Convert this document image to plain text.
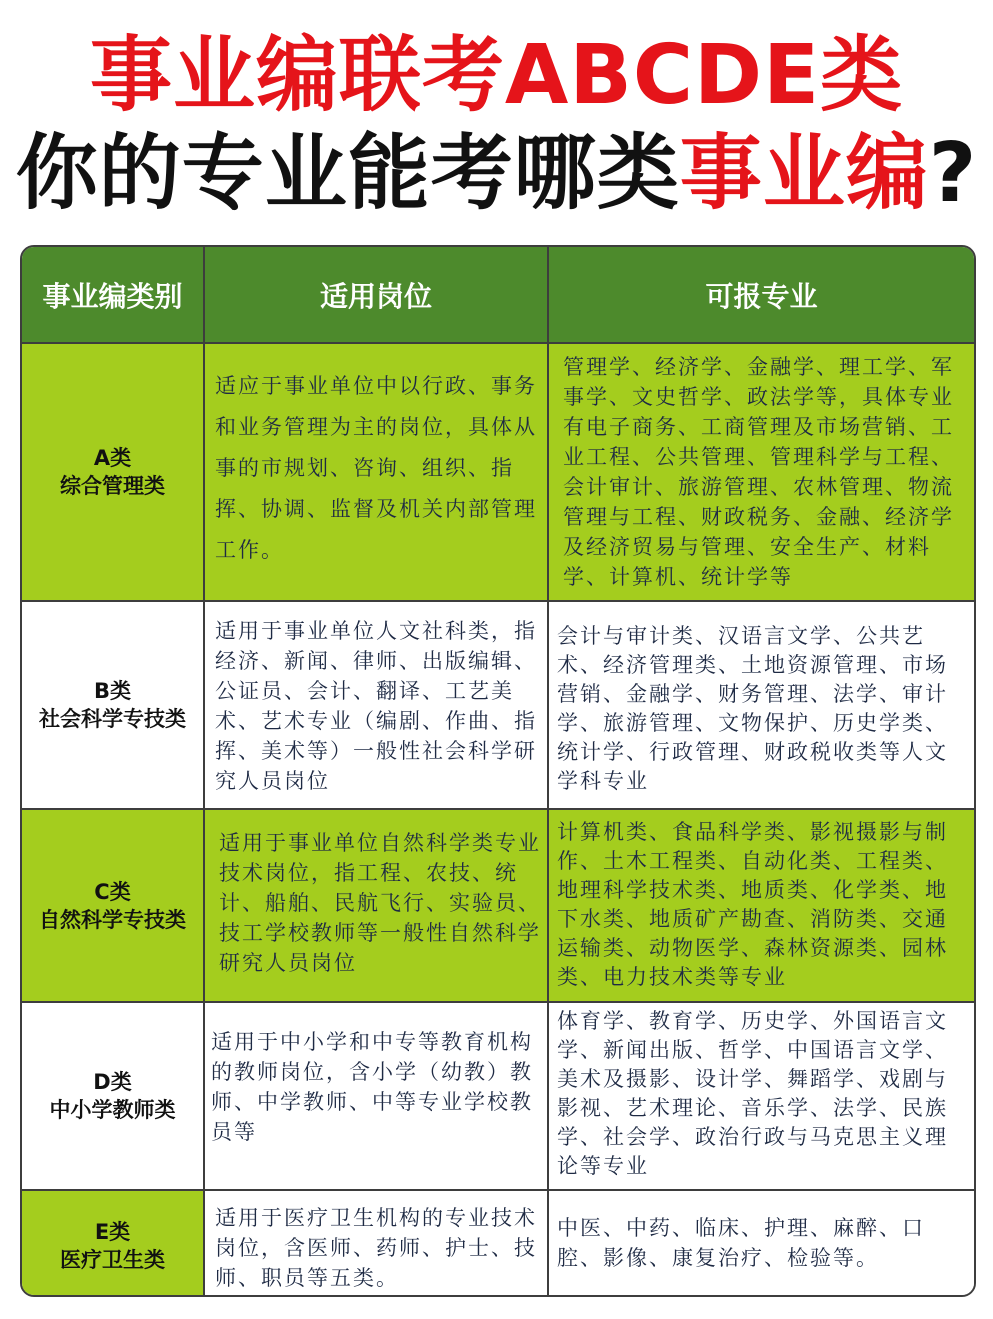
事业编联考ABCDE类
你的专业能考哪类事业编?
事业编类别	适用岗位	可报专业

A类
综合管理类	适应于事业单位中以行政、事务和业务管理为主的岗位，具体从事的市规划、咨询、组织、指挥、协调、监督及机关内部管理工作。	管理学、经济学、金融学、理工学、军事学、文史哲学、政法学等，具体专业有电子商务、工商管理及市场营销、工业工程、公共管理、管理科学与工程、会计审计、旅游管理、农林管理、物流管理与工程、财政税务、金融、经济学及经济贸易与管理、安全生产、材料学、计算机、统计学等

B类
社会科学专技类	适用于事业单位人文社科类，指经济、新闻、律师、出版编辑、公证员、会计、翻译、工艺美术、艺术专业（编剧、作曲、指挥、美术等）一般性社会科学研究人员岗位	会计与审计类、汉语言文学、公共艺术、经济管理类、土地资源管理、市场营销、金融学、财务管理、法学、审计学、旅游管理、文物保护、历史学类、统计学、行政管理、财政税收类等人文学科专业

C类
自然科学专技类	适用于事业单位自然科学类专业技术岗位，指工程、农技、统计、船舶、民航飞行、实验员、技工学校教师等一般性自然科学研究人员岗位	计算机类、食品科学类、影视摄影与制作、土木工程类、自动化类、工程类、地理科学技术类、地质类、化学类、地下水类、地质矿产勘查、消防类、交通运输类、动物医学、森林资源类、园林类、电力技术类等专业

D类
中小学教师类	适用于中小学和中专等教育机构的教师岗位，含小学（幼教）教师、中学教师、中等专业学校教员等	体育学、教育学、历史学、外国语言文学、新闻出版、哲学、中国语言文学、美术及摄影、设计学、舞蹈学、戏剧与影视、艺术理论、音乐学、法学、民族学、社会学、政治行政与马克思主义理论等专业

E类
医疗卫生类	适用于医疗卫生机构的专业技术岗位，含医师、药师、护士、技师、职员等五类。	中医、中药、临床、护理、麻醉、口腔、影像、康复治疗、检验等。
